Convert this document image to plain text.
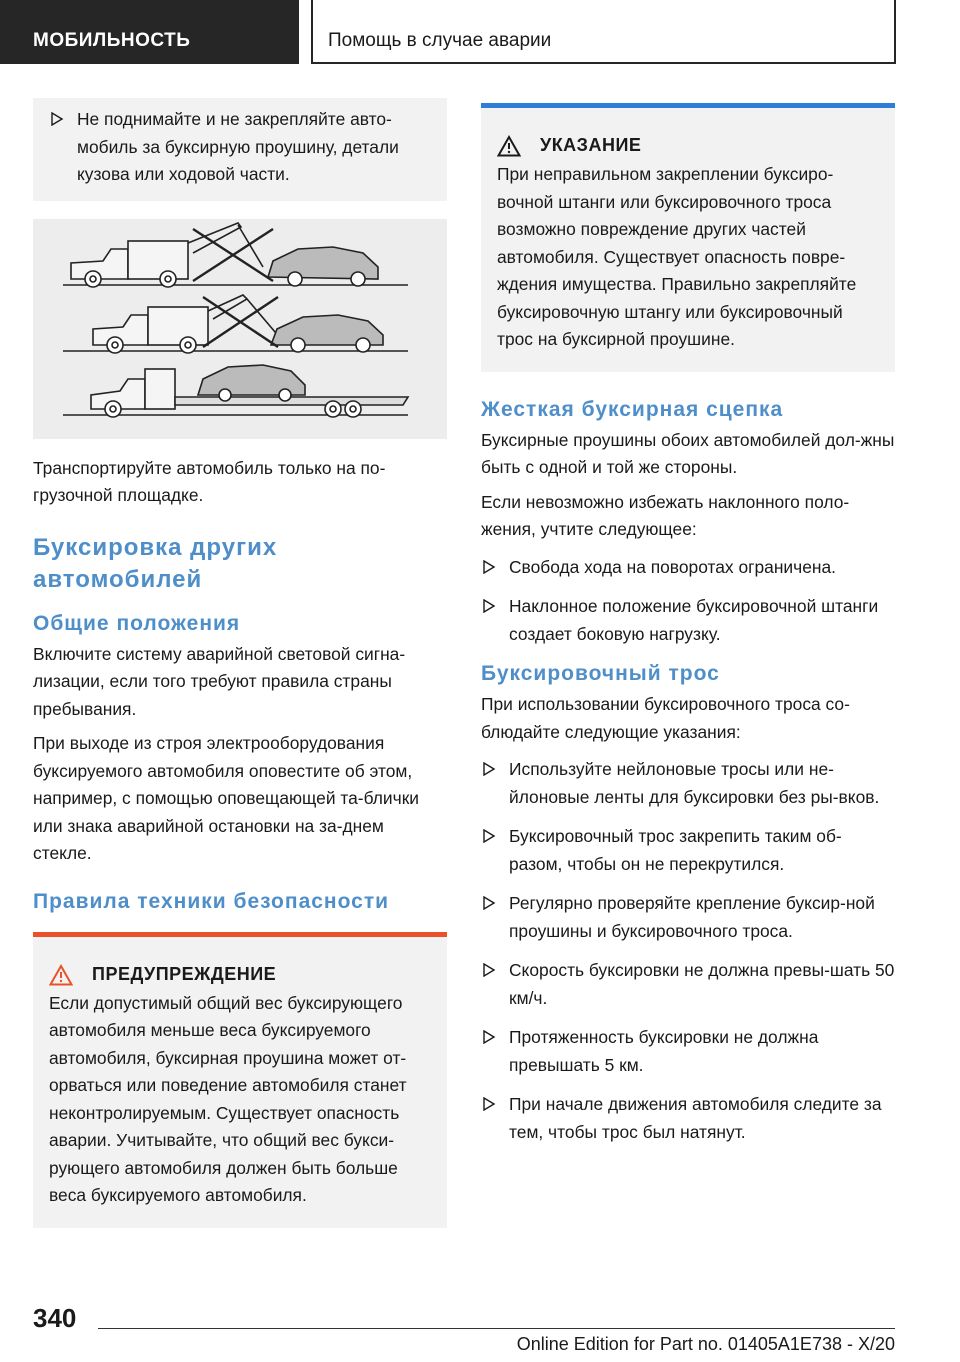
МОБИЛЬНОСТЬ	Помощь в случае аварии
Не поднимайте и не закрепляйте авто-мобиль за буксирную проушину, детали кузова или ходовой части.

Транспортируйте автомобиль только на по-грузочной площадке.

Буксировка других автомобилей
Общие положения

Включите систему аварийной световой сигна-лизации, если того требуют правила страны пребывания.

При выходе из строя электрооборудования буксируемого автомобиля оповестите об этом, например, с помощью оповещающей та-блички или знака аварийной остановки на за-днем стекле.

Правила техники безопасности
ПРЕДУПРЕЖДЕНИЕ

Если допустимый общий вес буксирующего автомобиля меньше веса буксируемого автомобиля, буксирная проушина может от-орваться или поведение автомобиля станет неконтролируемым. Существует опасность аварии. Учитывайте, что общий вес букси-рующего автомобиля должен быть больше веса буксируемого автомобиля.

УКАЗАНИЕ

При неправильном закреплении буксиро-вочной штанги или буксировочного троса возможно повреждение других частей автомобиля. Существует опасность повре-ждения имущества. Правильно закрепляйте буксировочную штангу или буксировочный трос на буксирной проушине.

Жесткая буксирная сцепка

Буксирные проушины обоих автомобилей дол-жны быть с одной и той же стороны.

Если невозможно избежать наклонного поло-жения, учтите следующее:

Свобода хода на поворотах ограничена.
Наклонное положение буксировочной штанги создает боковую нагрузку.
Буксировочный трос

При использовании буксировочного троса со-блюдайте следующие указания:

Используйте нейлоновые тросы или не-йлоновые ленты для буксировки без ры-вков.
Буксировочный трос закрепить таким об-разом, чтобы он не перекрутился.
Регулярно проверяйте крепление буксир-ной проушины и буксировочного троса.
Скорость буксировки не должна превы-шать 50 км/ч.
Протяженность буксировки не должна превышать 5 км.
При начале движения автомобиля следите за тем, чтобы трос был натянут.
340
Online Edition for Part no. 01405A1E738 - X/20
